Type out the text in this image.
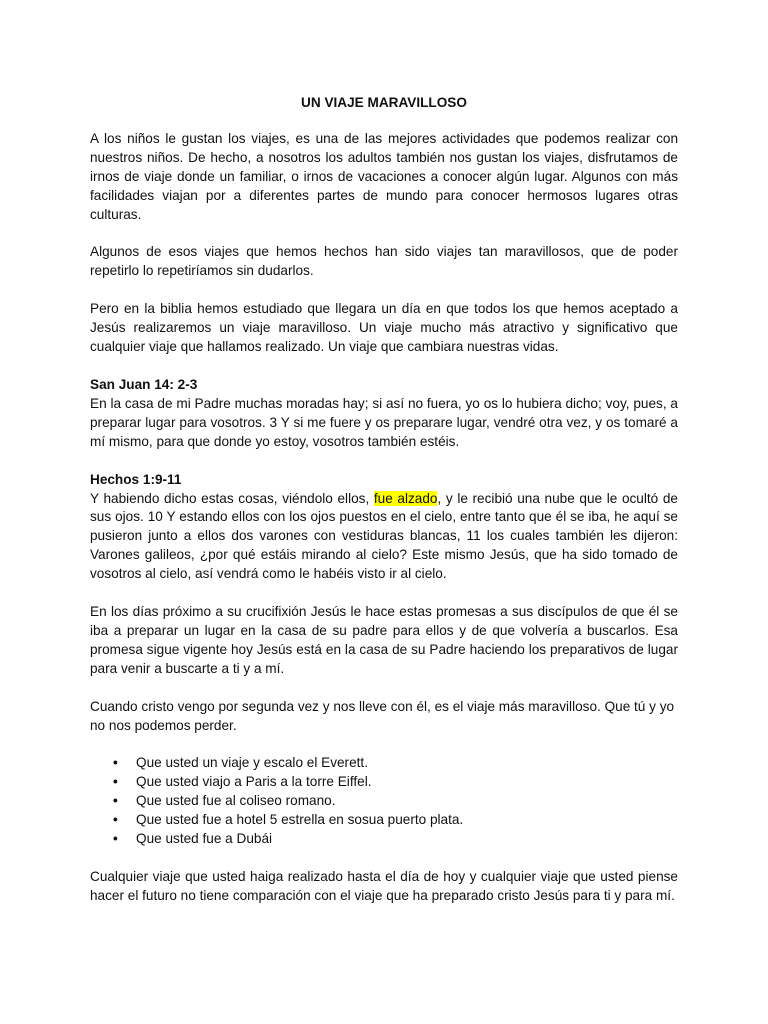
UN VIAJE MARAVILLOSO

A los niños le gustan los viajes, es una de las mejores actividades que podemos realizar con nuestros niños. De hecho, a nosotros los adultos también nos gustan los viajes, disfrutamos de irnos de viaje donde un familiar, o irnos de vacaciones a conocer algún lugar. Algunos con más facilidades viajan por a diferentes partes de mundo para conocer hermosos lugares otras culturas.

Algunos de esos viajes que hemos hechos han sido viajes tan maravillosos, que de poder repetirlo lo repetiríamos sin dudarlos.

Pero en la biblia hemos estudiado que llegara un día en que todos los que hemos aceptado a Jesús realizaremos un viaje maravilloso. Un viaje mucho más atractivo y significativo que cualquier viaje que hallamos realizado. Un viaje que cambiara nuestras vidas.

San Juan 14: 2-3
En la casa de mi Padre muchas moradas hay; si así no fuera, yo os lo hubiera dicho; voy, pues, a preparar lugar para vosotros. 3 Y si me fuere y os preparare lugar, vendré otra vez, y os tomaré a mí mismo, para que donde yo estoy, vosotros también estéis.

Hechos 1:9-11
Y habiendo dicho estas cosas, viéndolo ellos, fue alzado, y le recibió una nube que le ocultó de sus ojos. 10 Y estando ellos con los ojos puestos en el cielo, entre tanto que él se iba, he aquí se pusieron junto a ellos dos varones con vestiduras blancas, 11 los cuales también les dijeron: Varones galileos, ¿por qué estáis mirando al cielo? Este mismo Jesús, que ha sido tomado de vosotros al cielo, así vendrá como le habéis visto ir al cielo.

En los días próximo a su crucifixión Jesús le hace estas promesas a sus discípulos de que él se iba a preparar un lugar en la casa de su padre para ellos y de que volvería a buscarlos. Esa promesa sigue vigente hoy Jesús está en la casa de su Padre haciendo los preparativos de lugar para venir a buscarte a ti y a mí.

Cuando cristo vengo por segunda vez y nos lleve con él, es el viaje más maravilloso. Que tú y yo no nos podemos perder.

• Que usted un viaje y escalo el Everett.
• Que usted viajo a Paris a la torre Eiffel.
• Que usted fue al coliseo romano.
• Que usted fue a hotel 5 estrella en sosua puerto plata.
• Que usted fue a Dubái

Cualquier viaje que usted haiga realizado hasta el día de hoy y cualquier viaje que usted piense hacer el futuro no tiene comparación con el viaje que ha preparado cristo Jesús para ti y para mí.
